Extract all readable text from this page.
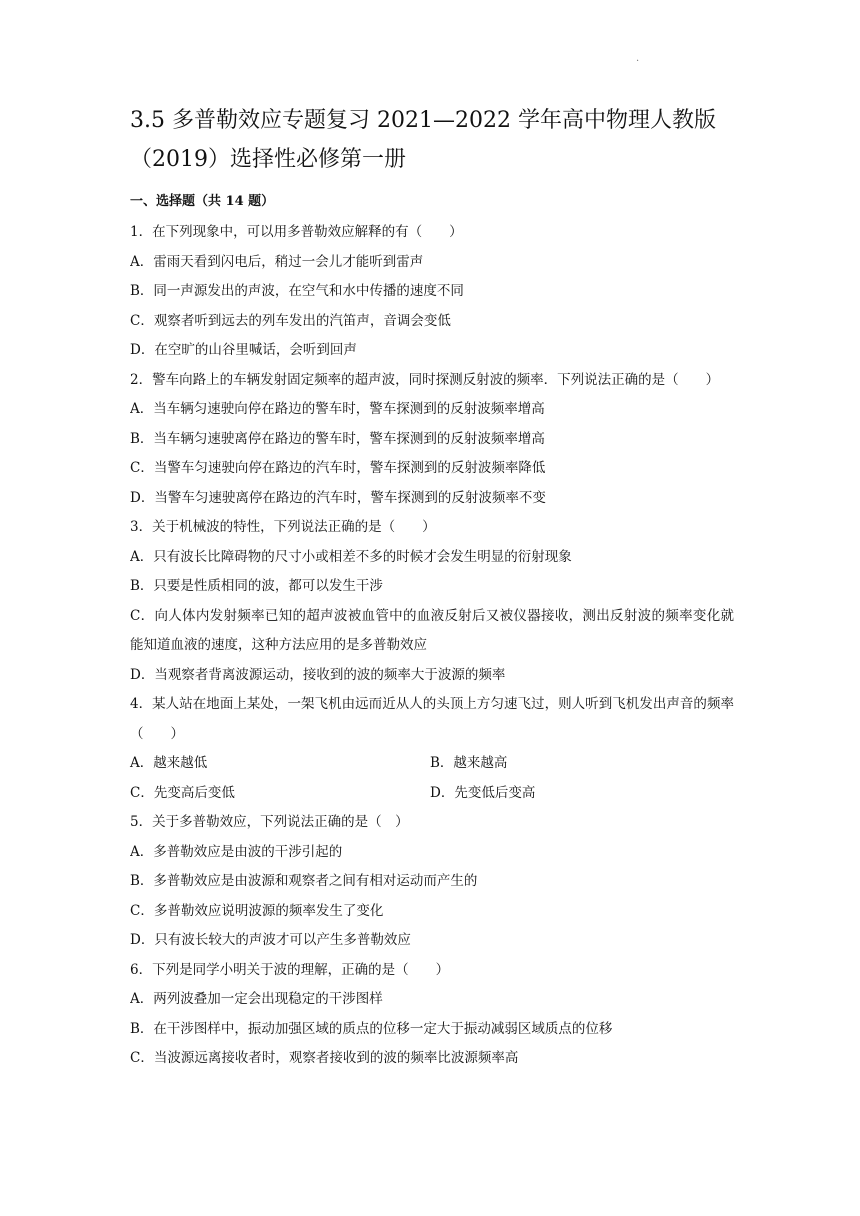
.
3.5 多普勒效应专题复习 2021—2022 学年高中物理人教版（2019）选择性必修第一册
一、选择题（共 14 题）
1．在下列现象中，可以用多普勒效应解释的有（　　）
A．雷雨天看到闪电后，稍过一会儿才能听到雷声
B．同一声源发出的声波，在空气和水中传播的速度不同
C．观察者听到远去的列车发出的汽笛声，音调会变低
D．在空旷的山谷里喊话，会听到回声
2．警车向路上的车辆发射固定频率的超声波，同时探测反射波的频率．下列说法正确的是（　　）
A．当车辆匀速驶向停在路边的警车时，警车探测到的反射波频率增高
B．当车辆匀速驶离停在路边的警车时，警车探测到的反射波频率增高
C．当警车匀速驶向停在路边的汽车时，警车探测到的反射波频率降低
D．当警车匀速驶离停在路边的汽车时，警车探测到的反射波频率不变
3．关于机械波的特性，下列说法正确的是（　　）
A．只有波长比障碍物的尺寸小或相差不多的时候才会发生明显的衍射现象
B．只要是性质相同的波，都可以发生干涉
C．向人体内发射频率已知的超声波被血管中的血液反射后又被仪器接收，测出反射波的频率变化就能知道血液的速度，这种方法应用的是多普勒效应
D．当观察者背离波源运动，接收到的波的频率大于波源的频率
4．某人站在地面上某处，一架飞机由远而近从人的头顶上方匀速飞过，则人听到飞机发出声音的频率（　　）
A．越来越低	B．越来越高
C．先变高后变低	D．先变低后变高
5．关于多普勒效应，下列说法正确的是（　）
A．多普勒效应是由波的干涉引起的
B．多普勒效应是由波源和观察者之间有相对运动而产生的
C．多普勒效应说明波源的频率发生了变化
D．只有波长较大的声波才可以产生多普勒效应
6．下列是同学小明关于波的理解，正确的是（　　）
A．两列波叠加一定会出现稳定的干涉图样
B．在干涉图样中，振动加强区域的质点的位移一定大于振动减弱区域质点的位移
C．当波源远离接收者时，观察者接收到的波的频率比波源频率高
